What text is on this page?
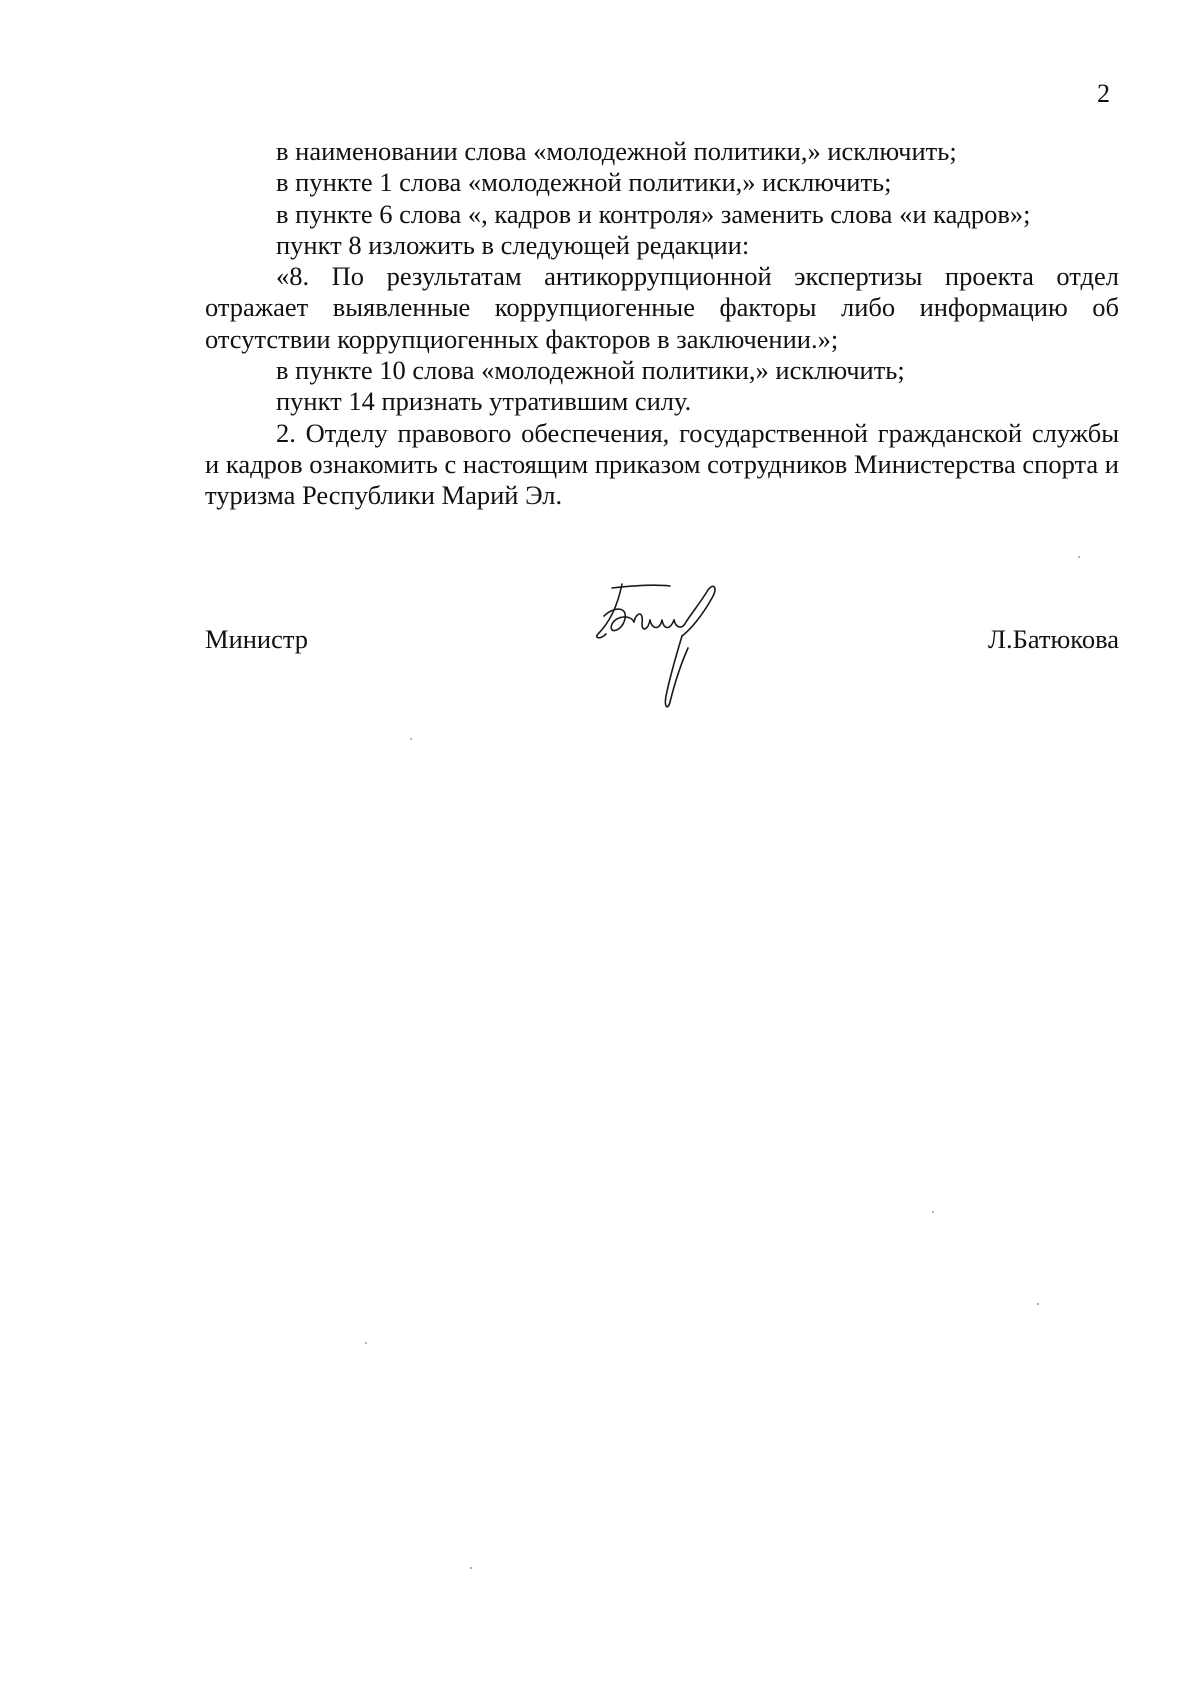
2

в наименовании слова «молодежной политики,» исключить;

в пункте 1 слова «молодежной политики,» исключить;

в пункте 6 слова «, кадров и контроля» заменить слова «и кадров»;

пункт 8 изложить в следующей редакции:

«8. По результатам антикоррупционной экспертизы проекта отдел отражает выявленные коррупциогенные факторы либо информацию об отсутствии коррупциогенных факторов в заключении.»;

в пункте 10 слова «молодежной политики,» исключить;

пункт 14 признать утратившим силу.

2. Отделу правового обеспечения, государственной гражданской службы и кадров ознакомить с настоящим приказом сотрудников Министерства спорта и туризма Республики Марий Эл.

Министр	Л.Батюкова
